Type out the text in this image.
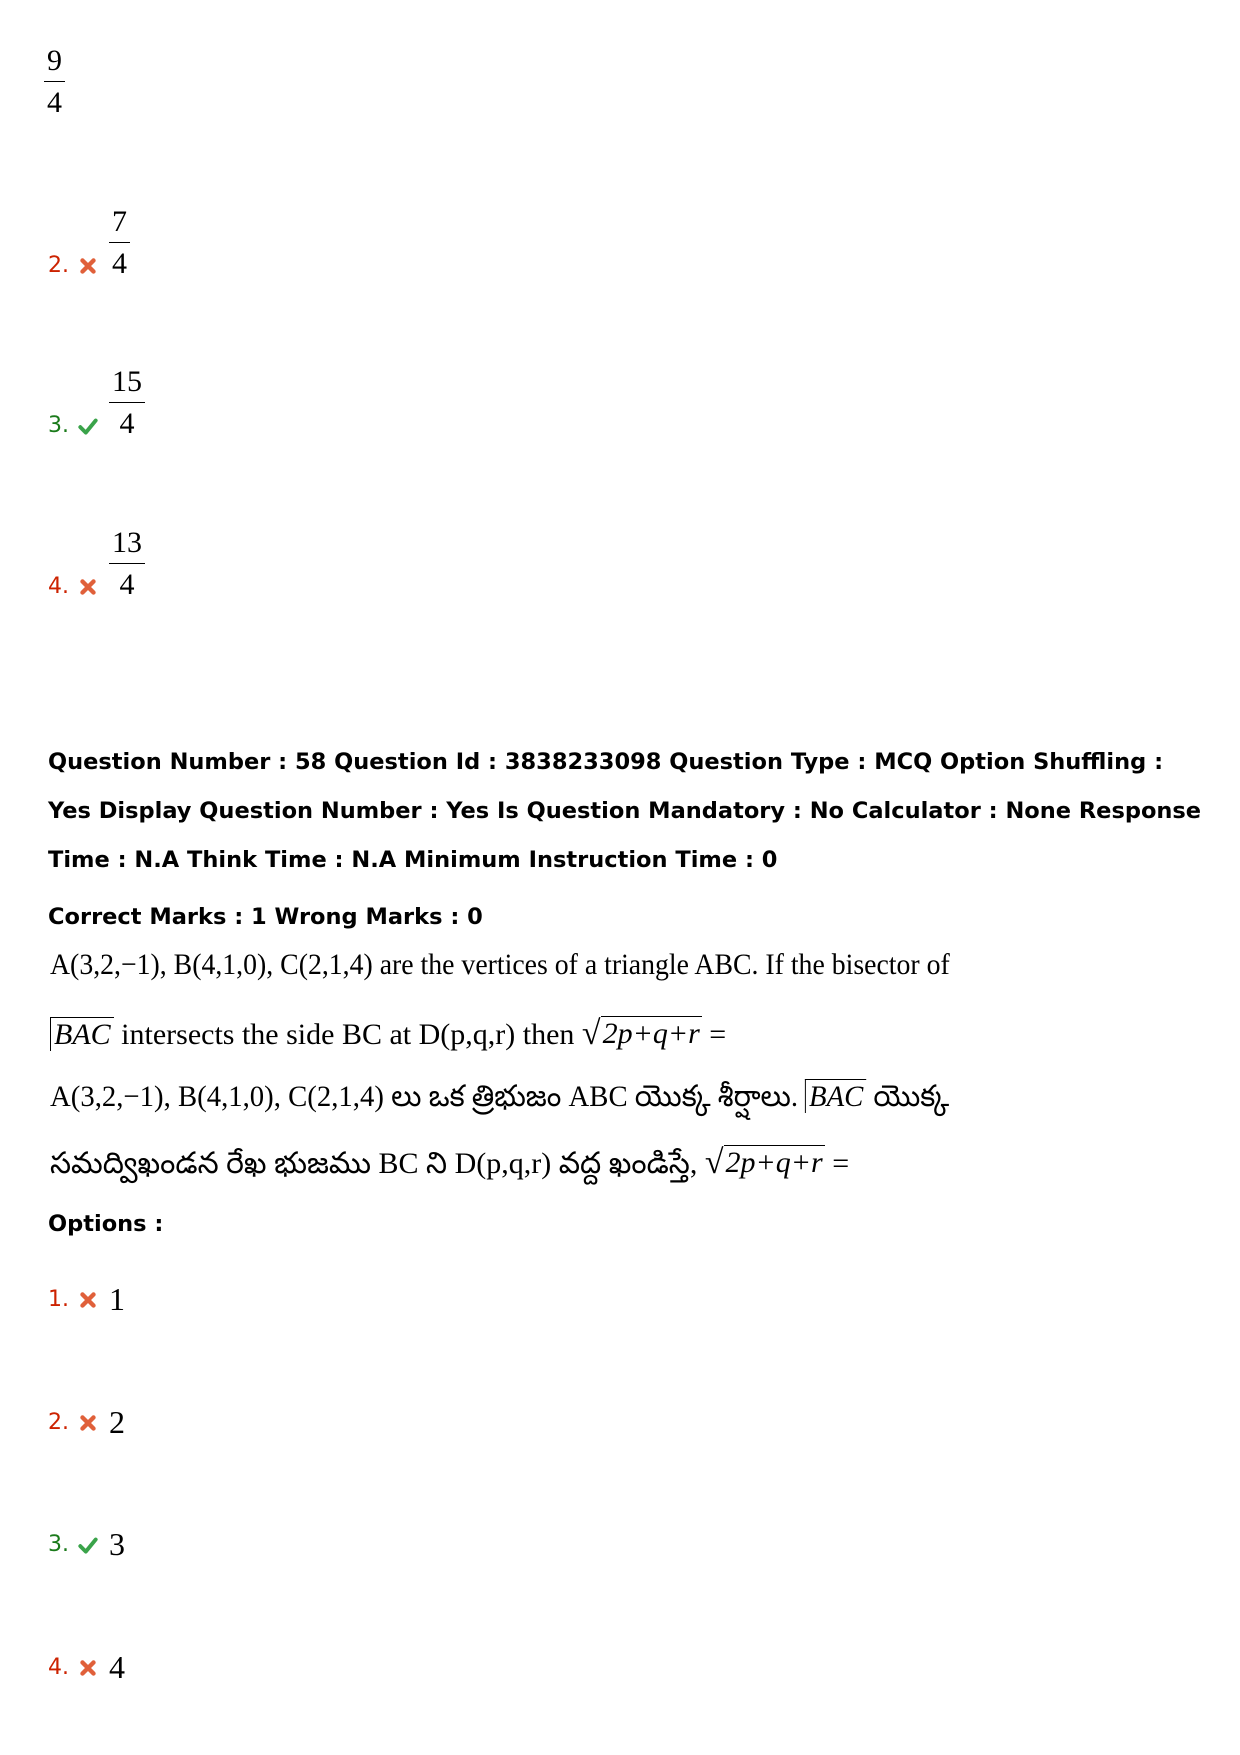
$\frac{9}{4}$
2. $\frac{7}{4}$
3. $\frac{15}{4}$
4. $\frac{13}{4}$
Question Number : 58 Question Id : 3838233098 Question Type : MCQ Option Shuffling : Yes Display Question Number : Yes Is Question Mandatory : No Calculator : None Response Time : N.A Think Time : N.A Minimum Instruction Time : 0
Correct Marks : 1 Wrong Marks : 0
A(3,2,−1), B(4,1,0), C(2,1,4) are the vertices of a triangle ABC. If the bisector of
BAC intersects the side BC at D(p,q,r) then √ 2p+q+r =
A(3,2,−1), B(4,1,0), C(2,1,4) లు ఒక త్రిభుజం ABC యొక్క శీర్షాలు. BAC యొక్క
సమద్విఖండన రేఖ భుజము BC ని D(p,q,r) వద్ద ఖండిస్తే, √ 2p+q+r =
Options :
1. 1
2. 2
3. 3
4. 4
